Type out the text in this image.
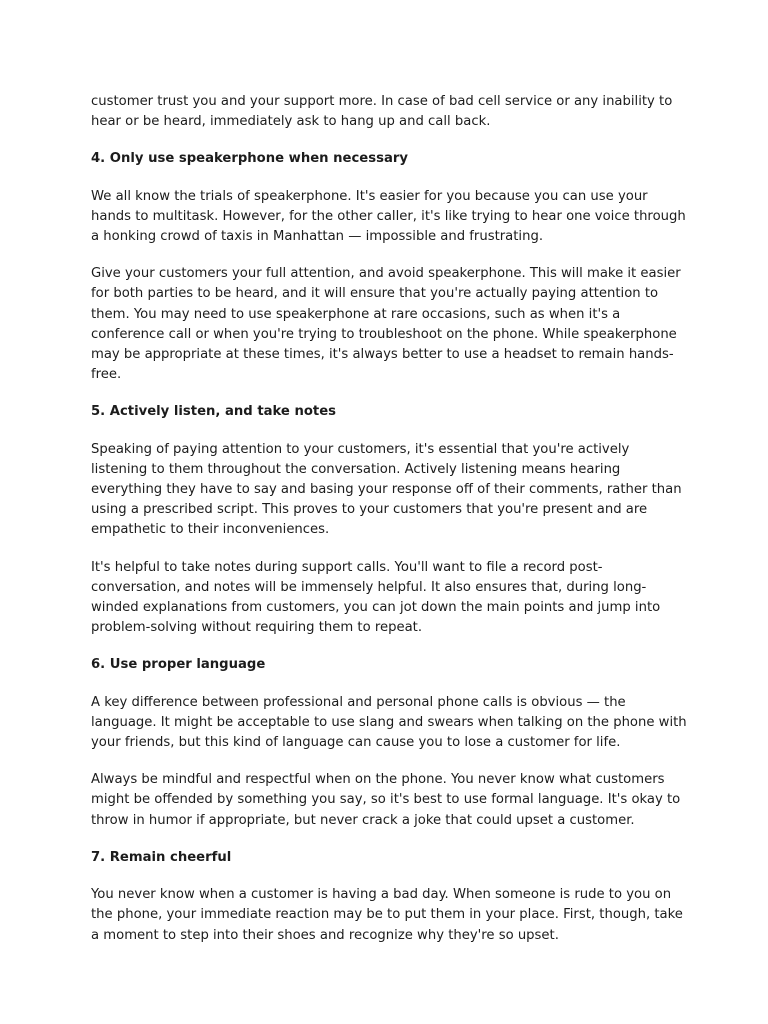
customer trust you and your support more. In case of bad cell service or any inability to hear or be heard, immediately ask to hang up and call back.

4. Only use speakerphone when necessary

We all know the trials of speakerphone. It's easier for you because you can use your hands to multitask. However, for the other caller, it's like trying to hear one voice through a honking crowd of taxis in Manhattan — impossible and frustrating.

Give your customers your full attention, and avoid speakerphone. This will make it easier for both parties to be heard, and it will ensure that you're actually paying attention to them. You may need to use speakerphone at rare occasions, such as when it's a conference call or when you're trying to troubleshoot on the phone. While speakerphone may be appropriate at these times, it's always better to use a headset to remain hands-free.

5. Actively listen, and take notes

Speaking of paying attention to your customers, it's essential that you're actively listening to them throughout the conversation. Actively listening means hearing everything they have to say and basing your response off of their comments, rather than using a prescribed script. This proves to your customers that you're present and are empathetic to their inconveniences.

It's helpful to take notes during support calls. You'll want to file a record post-conversation, and notes will be immensely helpful. It also ensures that, during long-winded explanations from customers, you can jot down the main points and jump into problem-solving without requiring them to repeat.

6. Use proper language

A key difference between professional and personal phone calls is obvious — the language. It might be acceptable to use slang and swears when talking on the phone with your friends, but this kind of language can cause you to lose a customer for life.

Always be mindful and respectful when on the phone. You never know what customers might be offended by something you say, so it's best to use formal language. It's okay to throw in humor if appropriate, but never crack a joke that could upset a customer.

7. Remain cheerful

You never know when a customer is having a bad day. When someone is rude to you on the phone, your immediate reaction may be to put them in your place. First, though, take a moment to step into their shoes and recognize why they're so upset.
